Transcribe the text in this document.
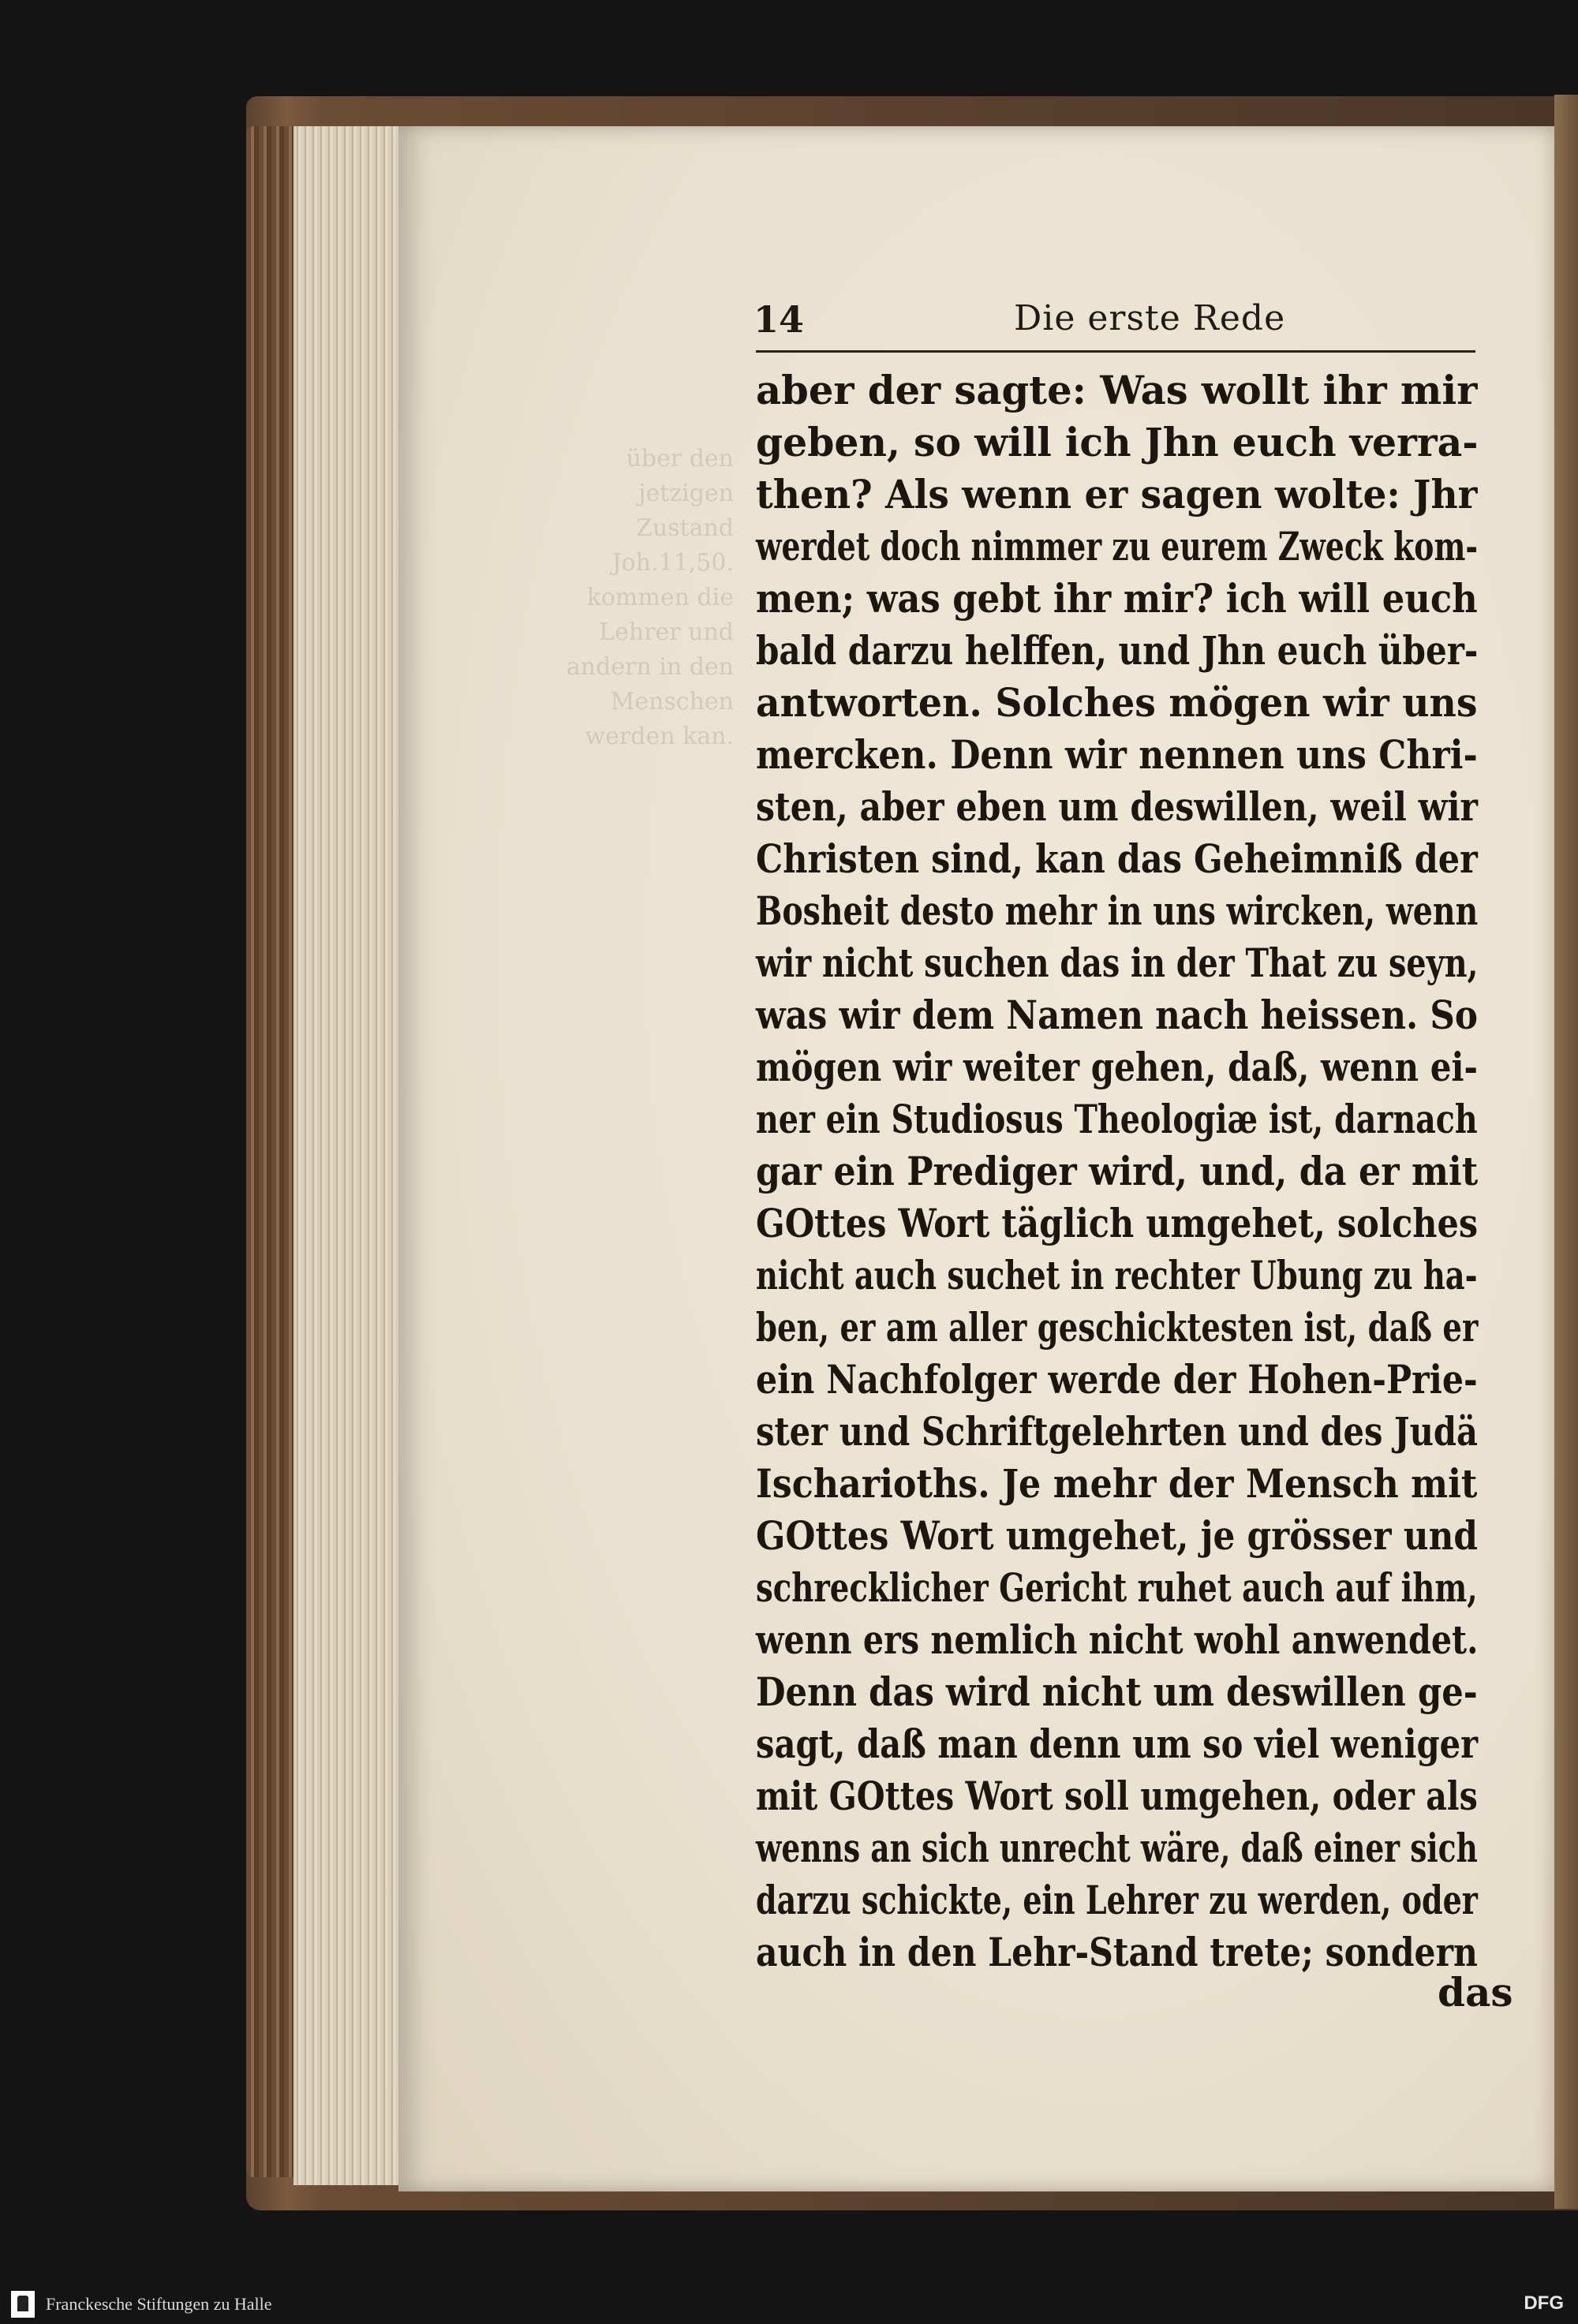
über den jetzigen Zustand
Joh.11,50.
kommen die
Lehrer und
andern in den
Menschen
werden kan.
14	Die erste Rede
aber der sagte: Was wollt ihr mir
geben, so will ich Jhn euch verra-
then? Als wenn er sagen wolte: Jhr
werdet doch nimmer zu eurem Zweck kom-
men; was gebt ihr mir? ich will euch
bald darzu helffen, und Jhn euch über-
antworten. Solches mögen wir uns
mercken. Denn wir nennen uns Chri-
sten, aber eben um deswillen, weil wir
Christen sind, kan das Geheimniß der
Bosheit desto mehr in uns wircken, wenn
wir nicht suchen das in der That zu seyn,
was wir dem Namen nach heissen. So
mögen wir weiter gehen, daß, wenn ei-
ner ein Studiosus Theologiæ ist, darnach
gar ein Prediger wird, und, da er mit
GOttes Wort täglich umgehet, solches
nicht auch suchet in rechter Ubung zu ha-
ben, er am aller geschicktesten ist, daß er
ein Nachfolger werde der Hohen-Prie-
ster und Schriftgelehrten und des Judä
Ischarioths. Je mehr der Mensch mit
GOttes Wort umgehet, je grösser und
schrecklicher Gericht ruhet auch auf ihm,
wenn ers nemlich nicht wohl anwendet.
Denn das wird nicht um deswillen ge-
sagt, daß man denn um so viel weniger
mit GOttes Wort soll umgehen, oder als
wenns an sich unrecht wäre, daß einer sich
darzu schickte, ein Lehrer zu werden, oder
auch in den Lehr-Stand trete; sondern
das
Franckesche Stiftungen zu Halle	DFG
